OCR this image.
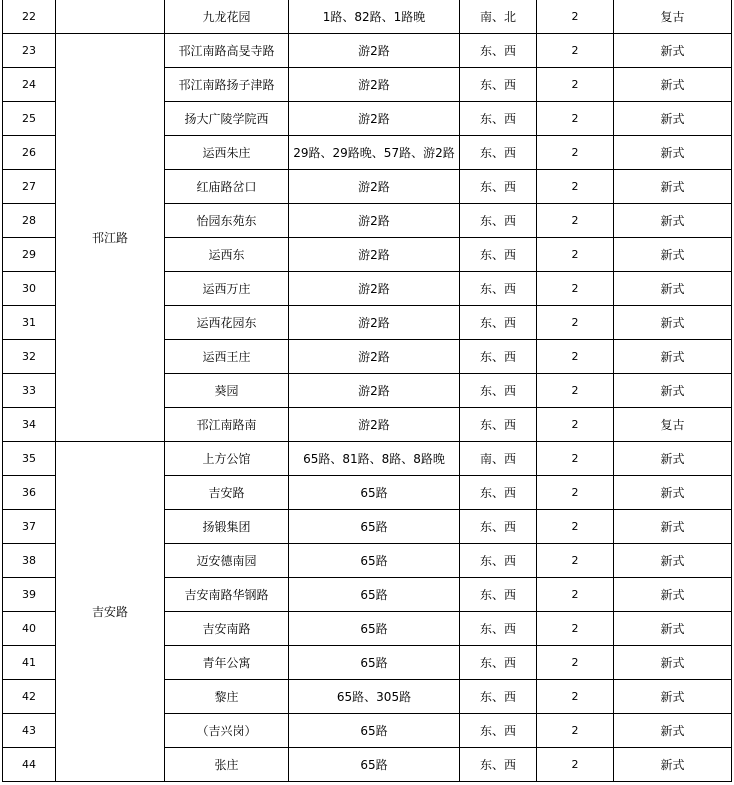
22		九龙花园	1路、82路、1路晚	南、北	2	复古
23	邗江路	邗江南路高旻寺路	游2路	东、西	2	新式
24		邗江南路扬子津路	游2路	东、西	2	新式
25		扬大广陵学院西	游2路	东、西	2	新式
26		运西朱庄	29路、29路晚、57路、游2路	东、西	2	新式
27		红庙路岔口	游2路	东、西	2	新式
28		怡园东苑东	游2路	东、西	2	新式
29		运西东	游2路	东、西	2	新式
30		运西万庄	游2路	东、西	2	新式
31		运西花园东	游2路	东、西	2	新式
32		运西王庄	游2路	东、西	2	新式
33		葵园	游2路	东、西	2	新式
34		邗江南路南	游2路	东、西	2	复古
35	吉安路	上方公馆	65路、81路、8路、8路晚	南、西	2	新式
36		吉安路	65路	东、西	2	新式
37		扬锻集团	65路	东、西	2	新式
38		迈安德南园	65路	东、西	2	新式
39		吉安南路华钢路	65路	东、西	2	新式
40		吉安南路	65路	东、西	2	新式
41		青年公寓	65路	东、西	2	新式
42		黎庄	65路、305路	东、西	2	新式
43		（吉兴岗）	65路	东、西	2	新式
44		张庄	65路	东、西	2	新式
